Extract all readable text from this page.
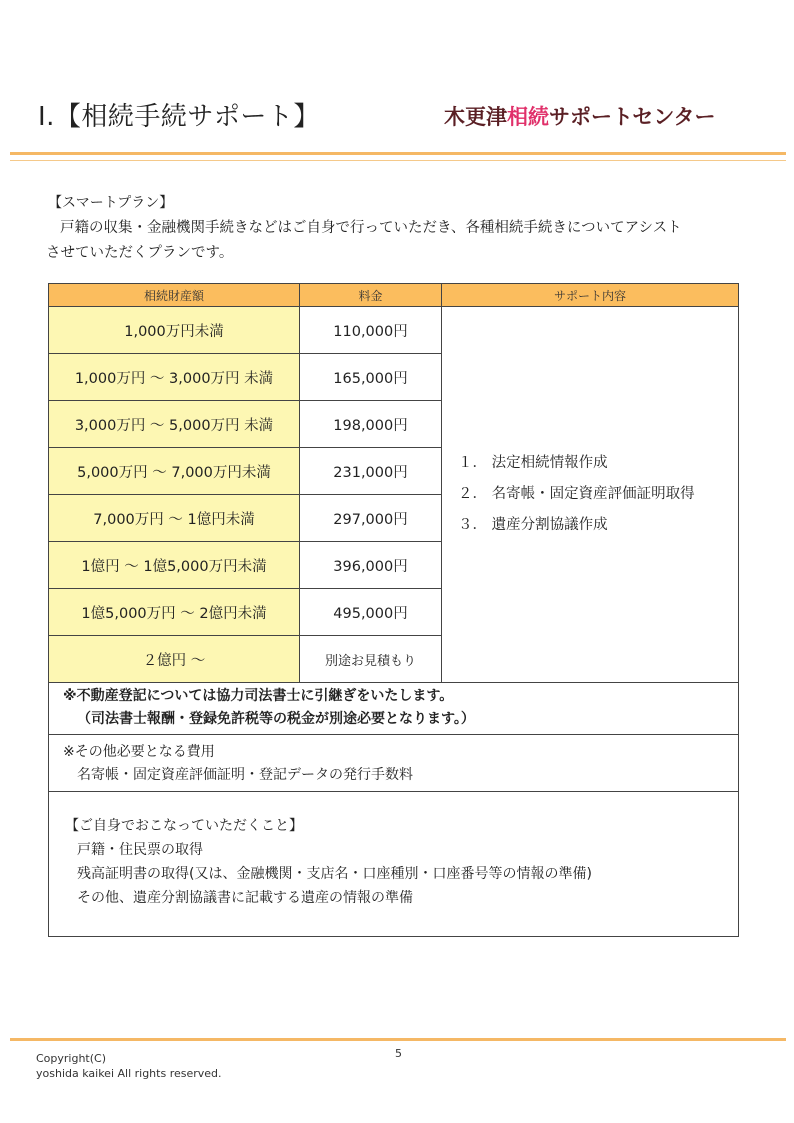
Ⅰ.【相続手続サポート】	木更津相続サポートセンター
【スマートプラン】
戸籍の収集・金融機関手続きなどはご自身で行っていただき、各種相続手続きについてアシスト
させていただくプランです。
相続財産額	料金	サポート内容
1,000万円未満	110,000円	１． 法定相続情報作成
２． 名寄帳・固定資産評価証明取得
３． 遺産分割協議作成

1,000万円 ～ 3,000万円 未満	165,000円	
3,000万円 ～ 5,000万円 未満	198,000円	
5,000万円 ～ 7,000万円未満	231,000円	
7,000万円 ～ 1億円未満	297,000円	
1億円 ～ 1億5,000万円未満	396,000円	
1億5,000万円 ～ 2億円未満	495,000円	
２億円 ～	別途お見積もり	

※不動産登記については協力司法書士に引継ぎをいたします。
（司法書士報酬・登録免許税等の税金が別途必要となります。）		

※その他必要となる費用
名寄帳・固定資産評価証明・登記データの発行手数料		

【ご自身でおこなっていただくこと】
戸籍・住民票の取得
残高証明書の取得(又は、金融機関・支店名・口座種別・口座番号等の情報の準備)
その他、遺産分割協議書に記載する遺産の情報の準備		
Copyright(C)
yoshida kaikei All rights reserved.
5
